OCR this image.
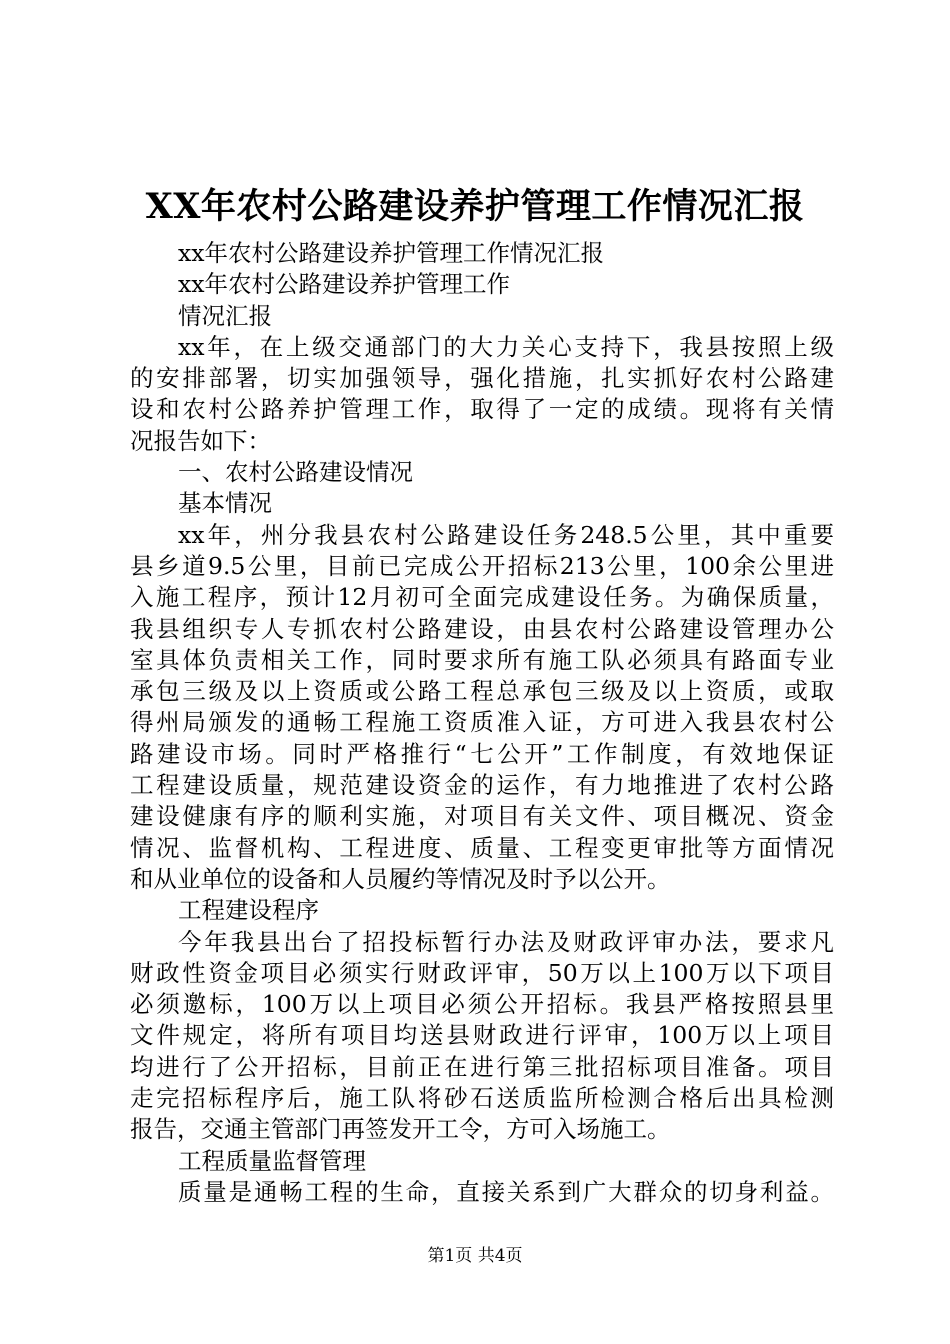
XX年农村公路建设养护管理工作情况汇报
xx年农村公路建设养护管理工作情况汇报
xx年农村公路建设养护管理工作
情况汇报
xx年，在上级交通部门的大力关心支持下，我县按照上级
的安排部署，切实加强领导，强化措施，扎实抓好农村公路建
设和农村公路养护管理工作，取得了一定的成绩。现将有关情
况报告如下：
一、农村公路建设情况
基本情况
xx年，州分我县农村公路建设任务248.5公里，其中重要
县乡道9.5公里，目前已完成公开招标213公里，100余公里进
入施工程序，预计12月初可全面完成建设任务。为确保质量，
我县组织专人专抓农村公路建设，由县农村公路建设管理办公
室具体负责相关工作，同时要求所有施工队必须具有路面专业
承包三级及以上资质或公路工程总承包三级及以上资质，或取
得州局颁发的通畅工程施工资质准入证，方可进入我县农村公
路建设市场。同时严格推行“七公开”工作制度，有效地保证
工程建设质量，规范建设资金的运作，有力地推进了农村公路
建设健康有序的顺利实施，对项目有关文件、项目概况、资金
情况、监督机构、工程进度、质量、工程变更审批等方面情况
和从业单位的设备和人员履约等情况及时予以公开。
工程建设程序
今年我县出台了招投标暂行办法及财政评审办法，要求凡
财政性资金项目必须实行财政评审，50万以上100万以下项目
必须邀标，100万以上项目必须公开招标。我县严格按照县里
文件规定，将所有项目均送县财政进行评审，100万以上项目
均进行了公开招标，目前正在进行第三批招标项目准备。项目
走完招标程序后，施工队将砂石送质监所检测合格后出具检测
报告，交通主管部门再签发开工令，方可入场施工。
工程质量监督管理
质量是通畅工程的生命，直接关系到广大群众的切身利益。
第1页 共4页
